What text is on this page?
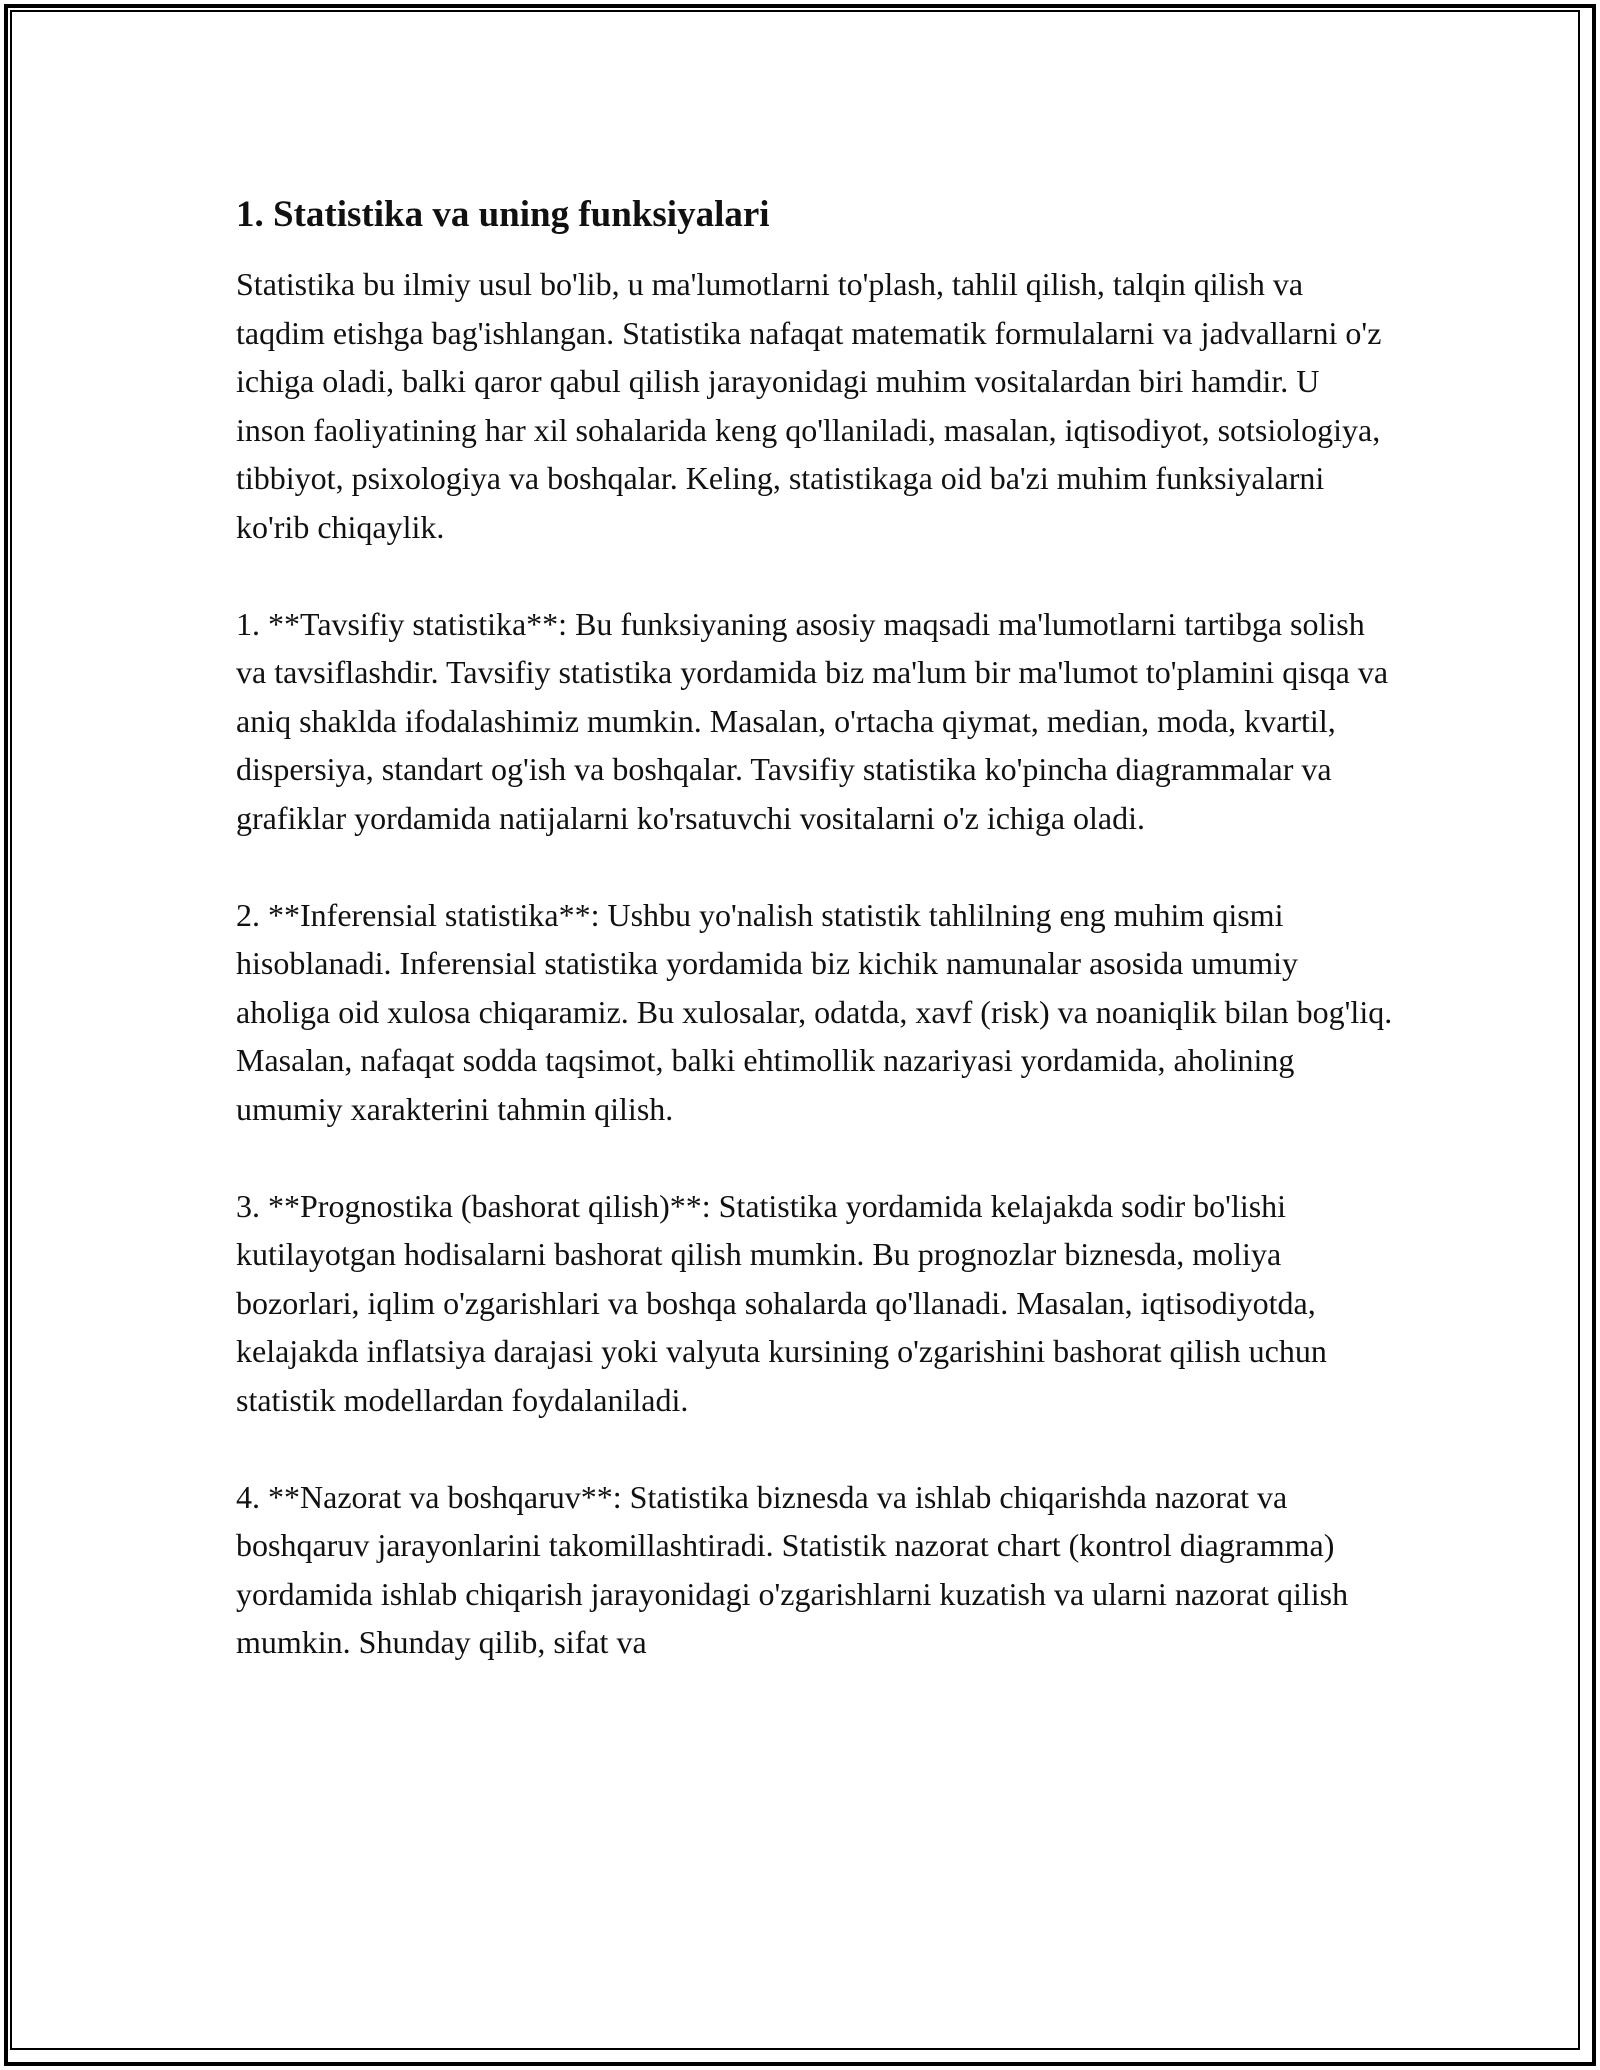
1. Statistika va uning funksiyalari

Statistika bu ilmiy usul bo'lib, u ma'lumotlarni to'plash, tahlil qilish, talqin qilish va taqdim etishga bag'ishlangan. Statistika nafaqat matematik formulalarni va jadvallarni o'z ichiga oladi, balki qaror qabul qilish jarayonidagi muhim vositalardan biri hamdir. U inson faoliyatining har xil sohalarida keng qo'llaniladi, masalan, iqtisodiyot, sotsiologiya, tibbiyot, psixologiya va boshqalar. Keling, statistikaga oid ba'zi muhim funksiyalarni ko'rib chiqaylik.

1. **Tavsifiy statistika**: Bu funksiyaning asosiy maqsadi ma'lumotlarni tartibga solish va tavsiflashdir. Tavsifiy statistika yordamida biz ma'lum bir ma'lumot to'plamini qisqa va aniq shakldа ifodalashimiz mumkin. Masalan, o'rtacha qiymat, median, moda, kvartil, dispersiya, standart og'ish va boshqalar. Tavsifiy statistika ko'pincha diagrammalar va grafiklar yordamida natijalarni ko'rsatuvchi vositalarni o'z ichiga oladi.

2. **Inferensial statistika**: Ushbu yo'nalish statistik tahlilning eng muhim qismi hisoblanadi. Inferensial statistika yordamida biz kichik namunalar asosida umumiy aholiga oid xulosa chiqaramiz. Bu xulosalar, odatda, xavf (risk) va noaniqlik bilan bog'liq. Masalan, nafaqat sodda taqsimot, balki ehtimollik nazariyasi yordamida, aholining umumiy xarakterini tahmin qilish.

3. **Prognostika (bashorat qilish)**: Statistika yordamida kelajakda sodir bo'lishi kutilayotgan hodisalarni bashorat qilish mumkin. Bu prognozlar biznesda, moliya bozorlari, iqlim o'zgarishlari va boshqa sohalarda qo'llanadi. Masalan, iqtisodiyotda, kelajakda inflatsiya darajasi yoki valyuta kursining o'zgarishini bashorat qilish uchun statistik modellardan foydalaniladi.

4. **Nazorat va boshqaruv**: Statistika biznesda va ishlab chiqarishda nazorat va boshqaruv jarayonlarini takomillashtiradi. Statistik nazorat chart (kontrol diagramma) yordamida ishlab chiqarish jarayonidagi o'zgarishlarni kuzatish va ularni nazorat qilish mumkin. Shunday qilib, sifat va
